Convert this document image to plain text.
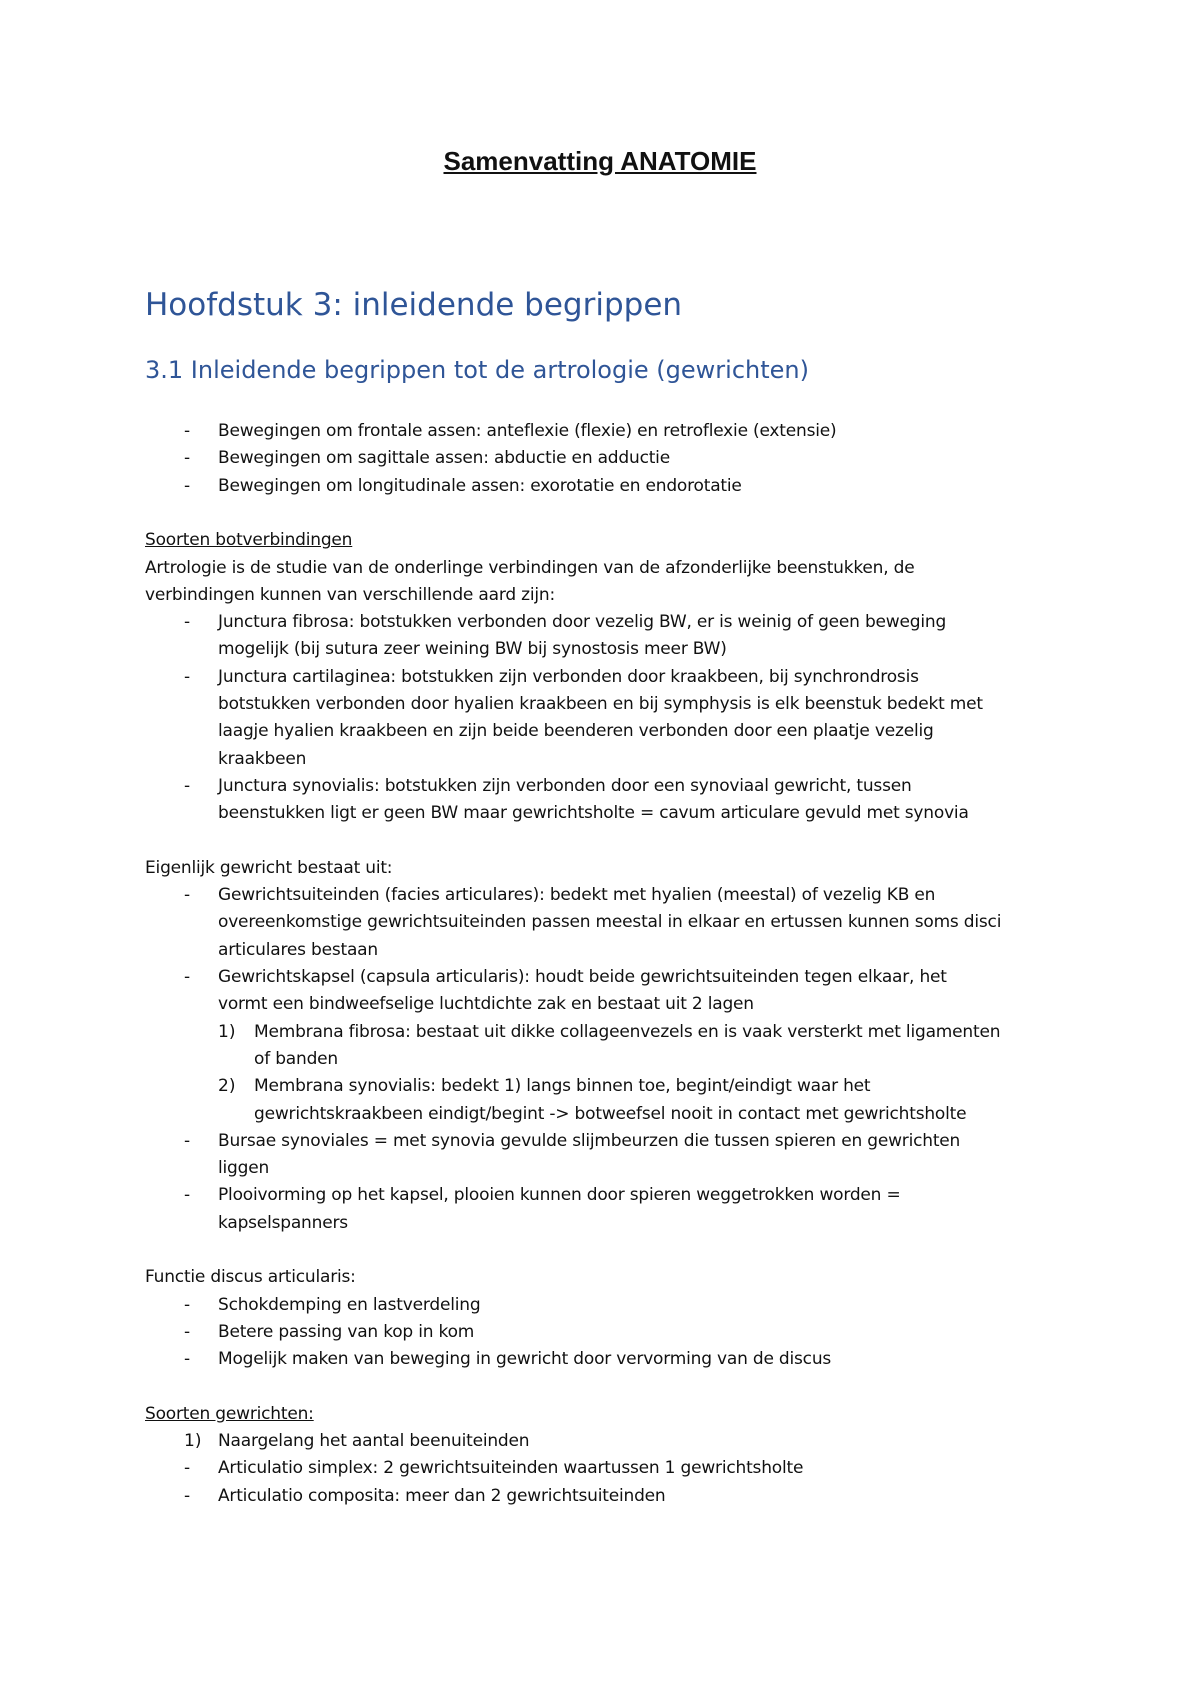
Samenvatting ANATOMIE
Hoofdstuk 3: inleidende begrippen
3.1 Inleidende begrippen tot de artrologie (gewrichten)
- Bewegingen om frontale assen: anteflexie (flexie) en retroflexie (extensie)

- Bewegingen om sagittale assen: abductie en adductie

- Bewegingen om longitudinale assen: exorotatie en endorotatie

Soorten botverbindingen

Artrologie is de studie van de onderlinge verbindingen van de afzonderlijke beenstukken, de

verbindingen kunnen van verschillende aard zijn:

- Junctura fibrosa: botstukken verbonden door vezelig BW, er is weinig of geen beweging

mogelijk (bij sutura zeer weining BW bij synostosis meer BW)

- Junctura cartilaginea: botstukken zijn verbonden door kraakbeen, bij synchrondrosis

botstukken verbonden door hyalien kraakbeen en bij symphysis is elk beenstuk bedekt met

laagje hyalien kraakbeen en zijn beide beenderen verbonden door een plaatje vezelig

kraakbeen

- Junctura synovialis: botstukken zijn verbonden door een synoviaal gewricht, tussen

beenstukken ligt er geen BW maar gewrichtsholte = cavum articulare gevuld met synovia

Eigenlijk gewricht bestaat uit:

- Gewrichtsuiteinden (facies articulares): bedekt met hyalien (meestal) of vezelig KB en

overeenkomstige gewrichtsuiteinden passen meestal in elkaar en ertussen kunnen soms disci

articulares bestaan

- Gewrichtskapsel (capsula articularis): houdt beide gewrichtsuiteinden tegen elkaar, het

vormt een bindweefselige luchtdichte zak en bestaat uit 2 lagen

1) Membrana fibrosa: bestaat uit dikke collageenvezels en is vaak versterkt met ligamenten

of banden

2) Membrana synovialis: bedekt 1) langs binnen toe, begint/eindigt waar het

gewrichtskraakbeen eindigt/begint -> botweefsel nooit in contact met gewrichtsholte

- Bursae synoviales = met synovia gevulde slijmbeurzen die tussen spieren en gewrichten

liggen

- Plooivorming op het kapsel, plooien kunnen door spieren weggetrokken worden =

kapselspanners

Functie discus articularis:

- Schokdemping en lastverdeling

- Betere passing van kop in kom

- Mogelijk maken van beweging in gewricht door vervorming van de discus

Soorten gewrichten:

1) Naargelang het aantal beenuiteinden

- Articulatio simplex: 2 gewrichtsuiteinden waartussen 1 gewrichtsholte

- Articulatio composita: meer dan 2 gewrichtsuiteinden
